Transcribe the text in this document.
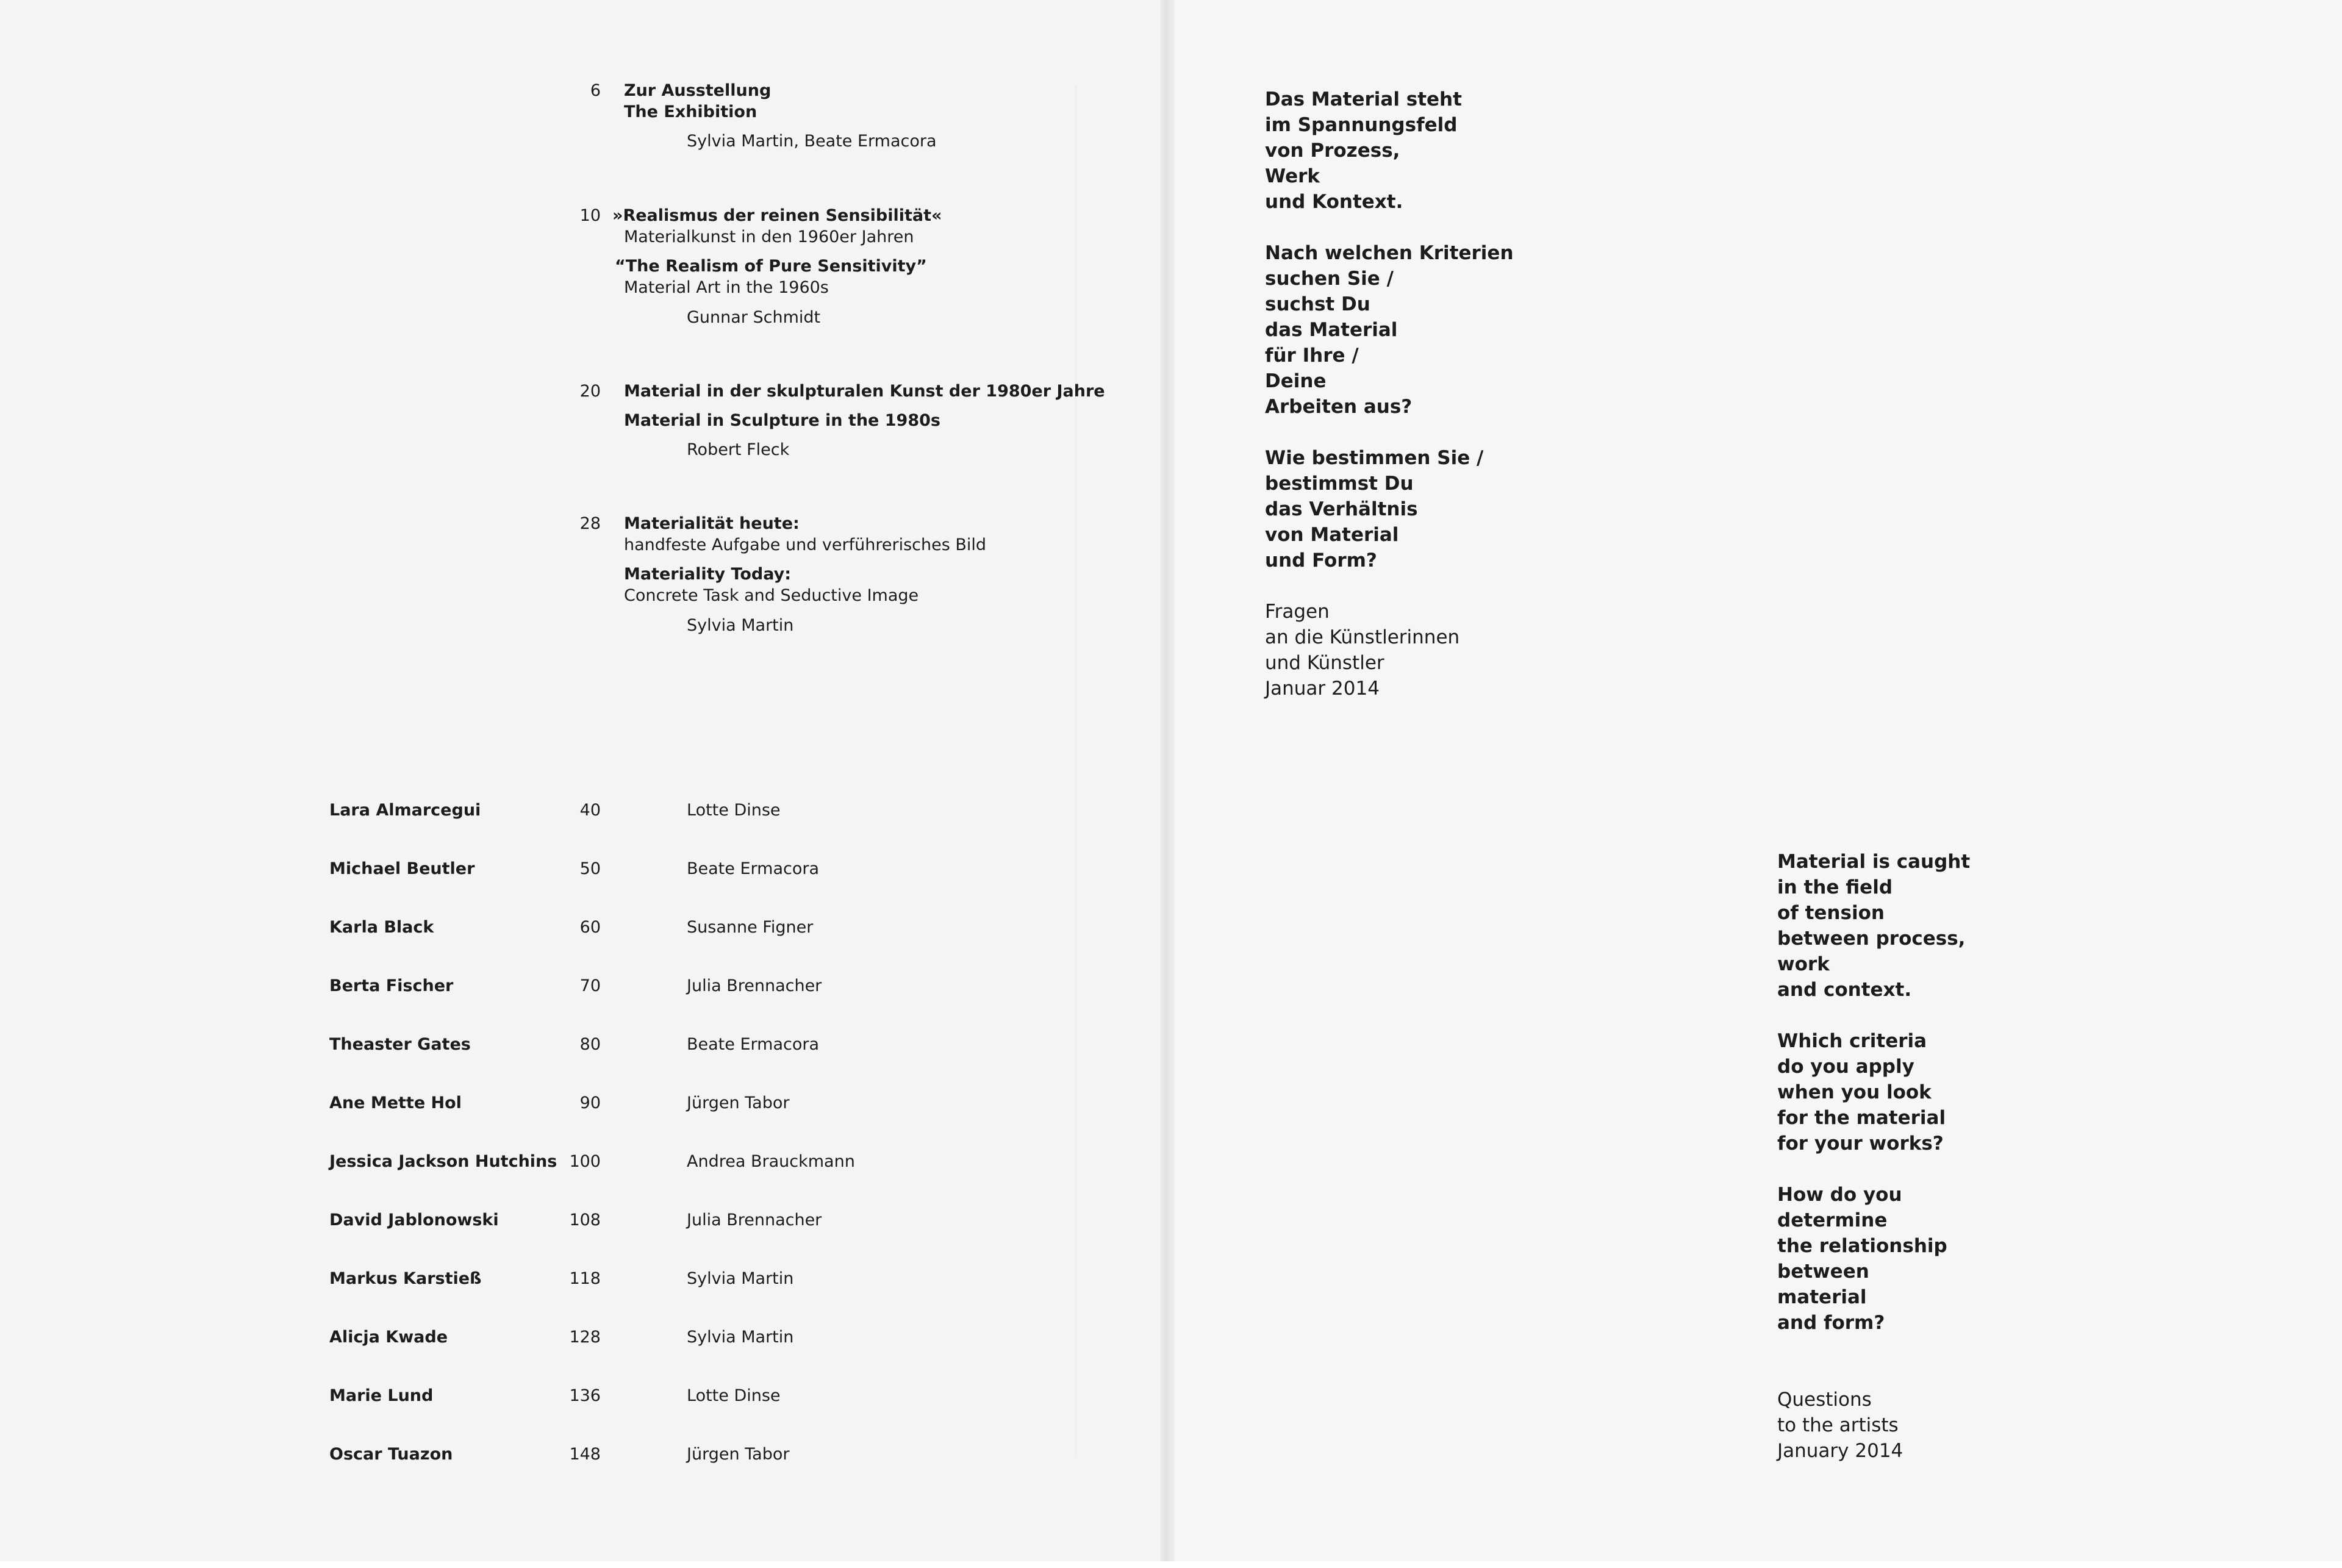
6 Zur Ausstellung
The Exhibition
Sylvia Martin, Beate Ermacora
10 »Realismus der reinen Sensibilität«
Materialkunst in den 1960er Jahren
“The Realism of Pure Sensitivity”
Material Art in the 1960s
Gunnar Schmidt
20 Material in der skulpturalen Kunst der 1980er Jahre
Material in Sculpture in the 1980s
Robert Fleck
28 Materialität heute:
handfeste Aufgabe und verführerisches Bild
Materiality Today:
Concrete Task and Seductive Image
Sylvia Martin
Lara Almarcegui	40	Lotte Dinse
Michael Beutler	50	Beate Ermacora
Karla Black	60	Susanne Figner
Berta Fischer	70	Julia Brennacher
Theaster Gates	80	Beate Ermacora
Ane Mette Hol	90	Jürgen Tabor
Jessica Jackson Hutchins 100	Andrea Brauckmann
David Jablonowski	108	Julia Brennacher
Markus Karstieß	118	Sylvia Martin
Alicja Kwade	128	Sylvia Martin
Marie Lund	136	Lotte Dinse
Oscar Tuazon	148	Jürgen Tabor
Das Material steht
im Spannungsfeld
von Prozess,
Werk
und Kontext.
Nach welchen Kriterien
suchen Sie /
suchst Du
das Material
für Ihre /
Deine
Arbeiten aus?
Wie bestimmen Sie /
bestimmst Du
das Verhältnis
von Material
und Form?
Fragen
an die Künstlerinnen
und Künstler
Januar 2014
Material is caught
in the field
of tension
between process,
work
and context.
Which criteria
do you apply
when you look
for the material
for your works?
How do you
determine
the relationship
between
material
and form?
Questions
to the artists
January 2014
